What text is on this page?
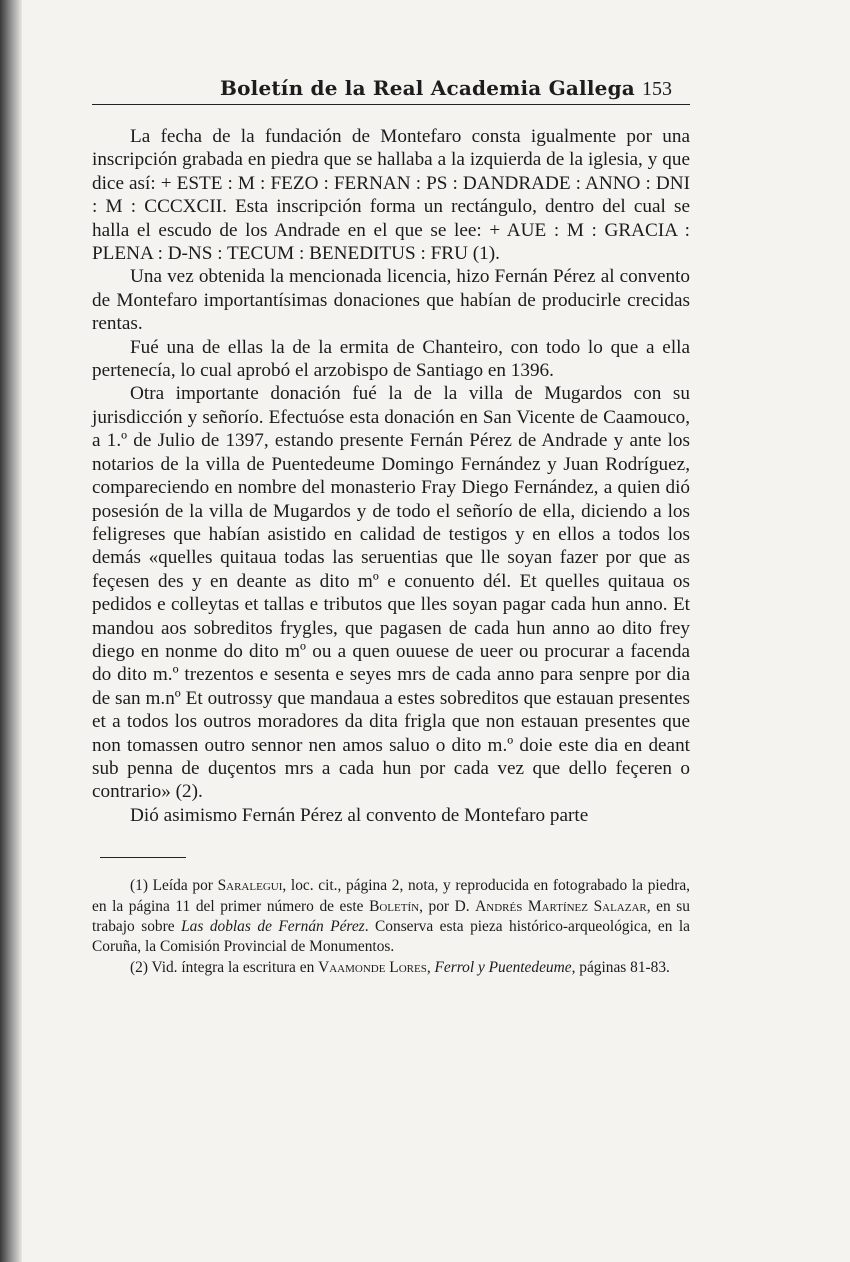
Boletín de la Real Academia Gallega 153

La fecha de la fundación de Montefaro consta igualmente por una inscripción grabada en piedra que se hallaba a la izquierda de la iglesia, y que dice así: + ESTE : M : FEZO : FERNAN : PS : DANDRADE : ANNO : DNI : M : CCCXCII. Esta inscripción forma un rectángulo, dentro del cual se halla el escudo de los Andrade en el que se lee: + AUE : M : GRACIA : PLENA : D-NS : TECUM : BENEDITUS : FRU (1).

Una vez obtenida la mencionada licencia, hizo Fernán Pérez al convento de Montefaro importantísimas donaciones que habían de producirle crecidas rentas.

Fué una de ellas la de la ermita de Chanteiro, con todo lo que a ella pertenecía, lo cual aprobó el arzobispo de Santiago en 1396.

Otra importante donación fué la de la villa de Mugardos con su jurisdicción y señorío. Efectuóse esta donación en San Vicente de Caamouco, a 1.º de Julio de 1397, estando presente Fernán Pérez de Andrade y ante los notarios de la villa de Puentedeume Domingo Fernández y Juan Rodríguez, compareciendo en nombre del monasterio Fray Diego Fernández, a quien dió posesión de la villa de Mugardos y de todo el señorío de ella, diciendo a los feligreses que habían asistido en calidad de testigos y en ellos a todos los demás «quelles quitaua todas las seruentias que lle soyan fazer por que as feçesen des y en deante as dito mº e conuento dél. Et quelles quitaua os pedidos e colleytas et tallas e tributos que lles soyan pagar cada hun anno. Et mandou aos sobreditos frygles, que pagasen de cada hun anno ao dito frey diego en nonme do dito mº ou a quen ouuese de ueer ou procurar a facenda do dito m.º trezentos e sesenta e seyes mrs de cada anno para senpre por dia de san m.nº Et outrossy que mandaua a estes sobreditos que estauan presentes et a todos los outros moradores da dita frigla que non estauan presentes que non tomassen outro sennor nen amos saluo o dito m.º doie este dia en deant sub penna de duçentos mrs a cada hun por cada vez que dello feçeren o contrario» (2).

Dió asimismo Fernán Pérez al convento de Montefaro parte

(1) Leída por Saralegui, loc. cit., página 2, nota, y reproducida en fotograbado la piedra, en la página 11 del primer número de este Boletín, por D. Andrés Martínez Salazar, en su trabajo sobre Las doblas de Fernán Pérez. Conserva esta pieza histórico-arqueológica, en la Coruña, la Comisión Provincial de Monumentos.

(2) Vid. íntegra la escritura en Vaamonde Lores, Ferrol y Puentedeume, páginas 81-83.
